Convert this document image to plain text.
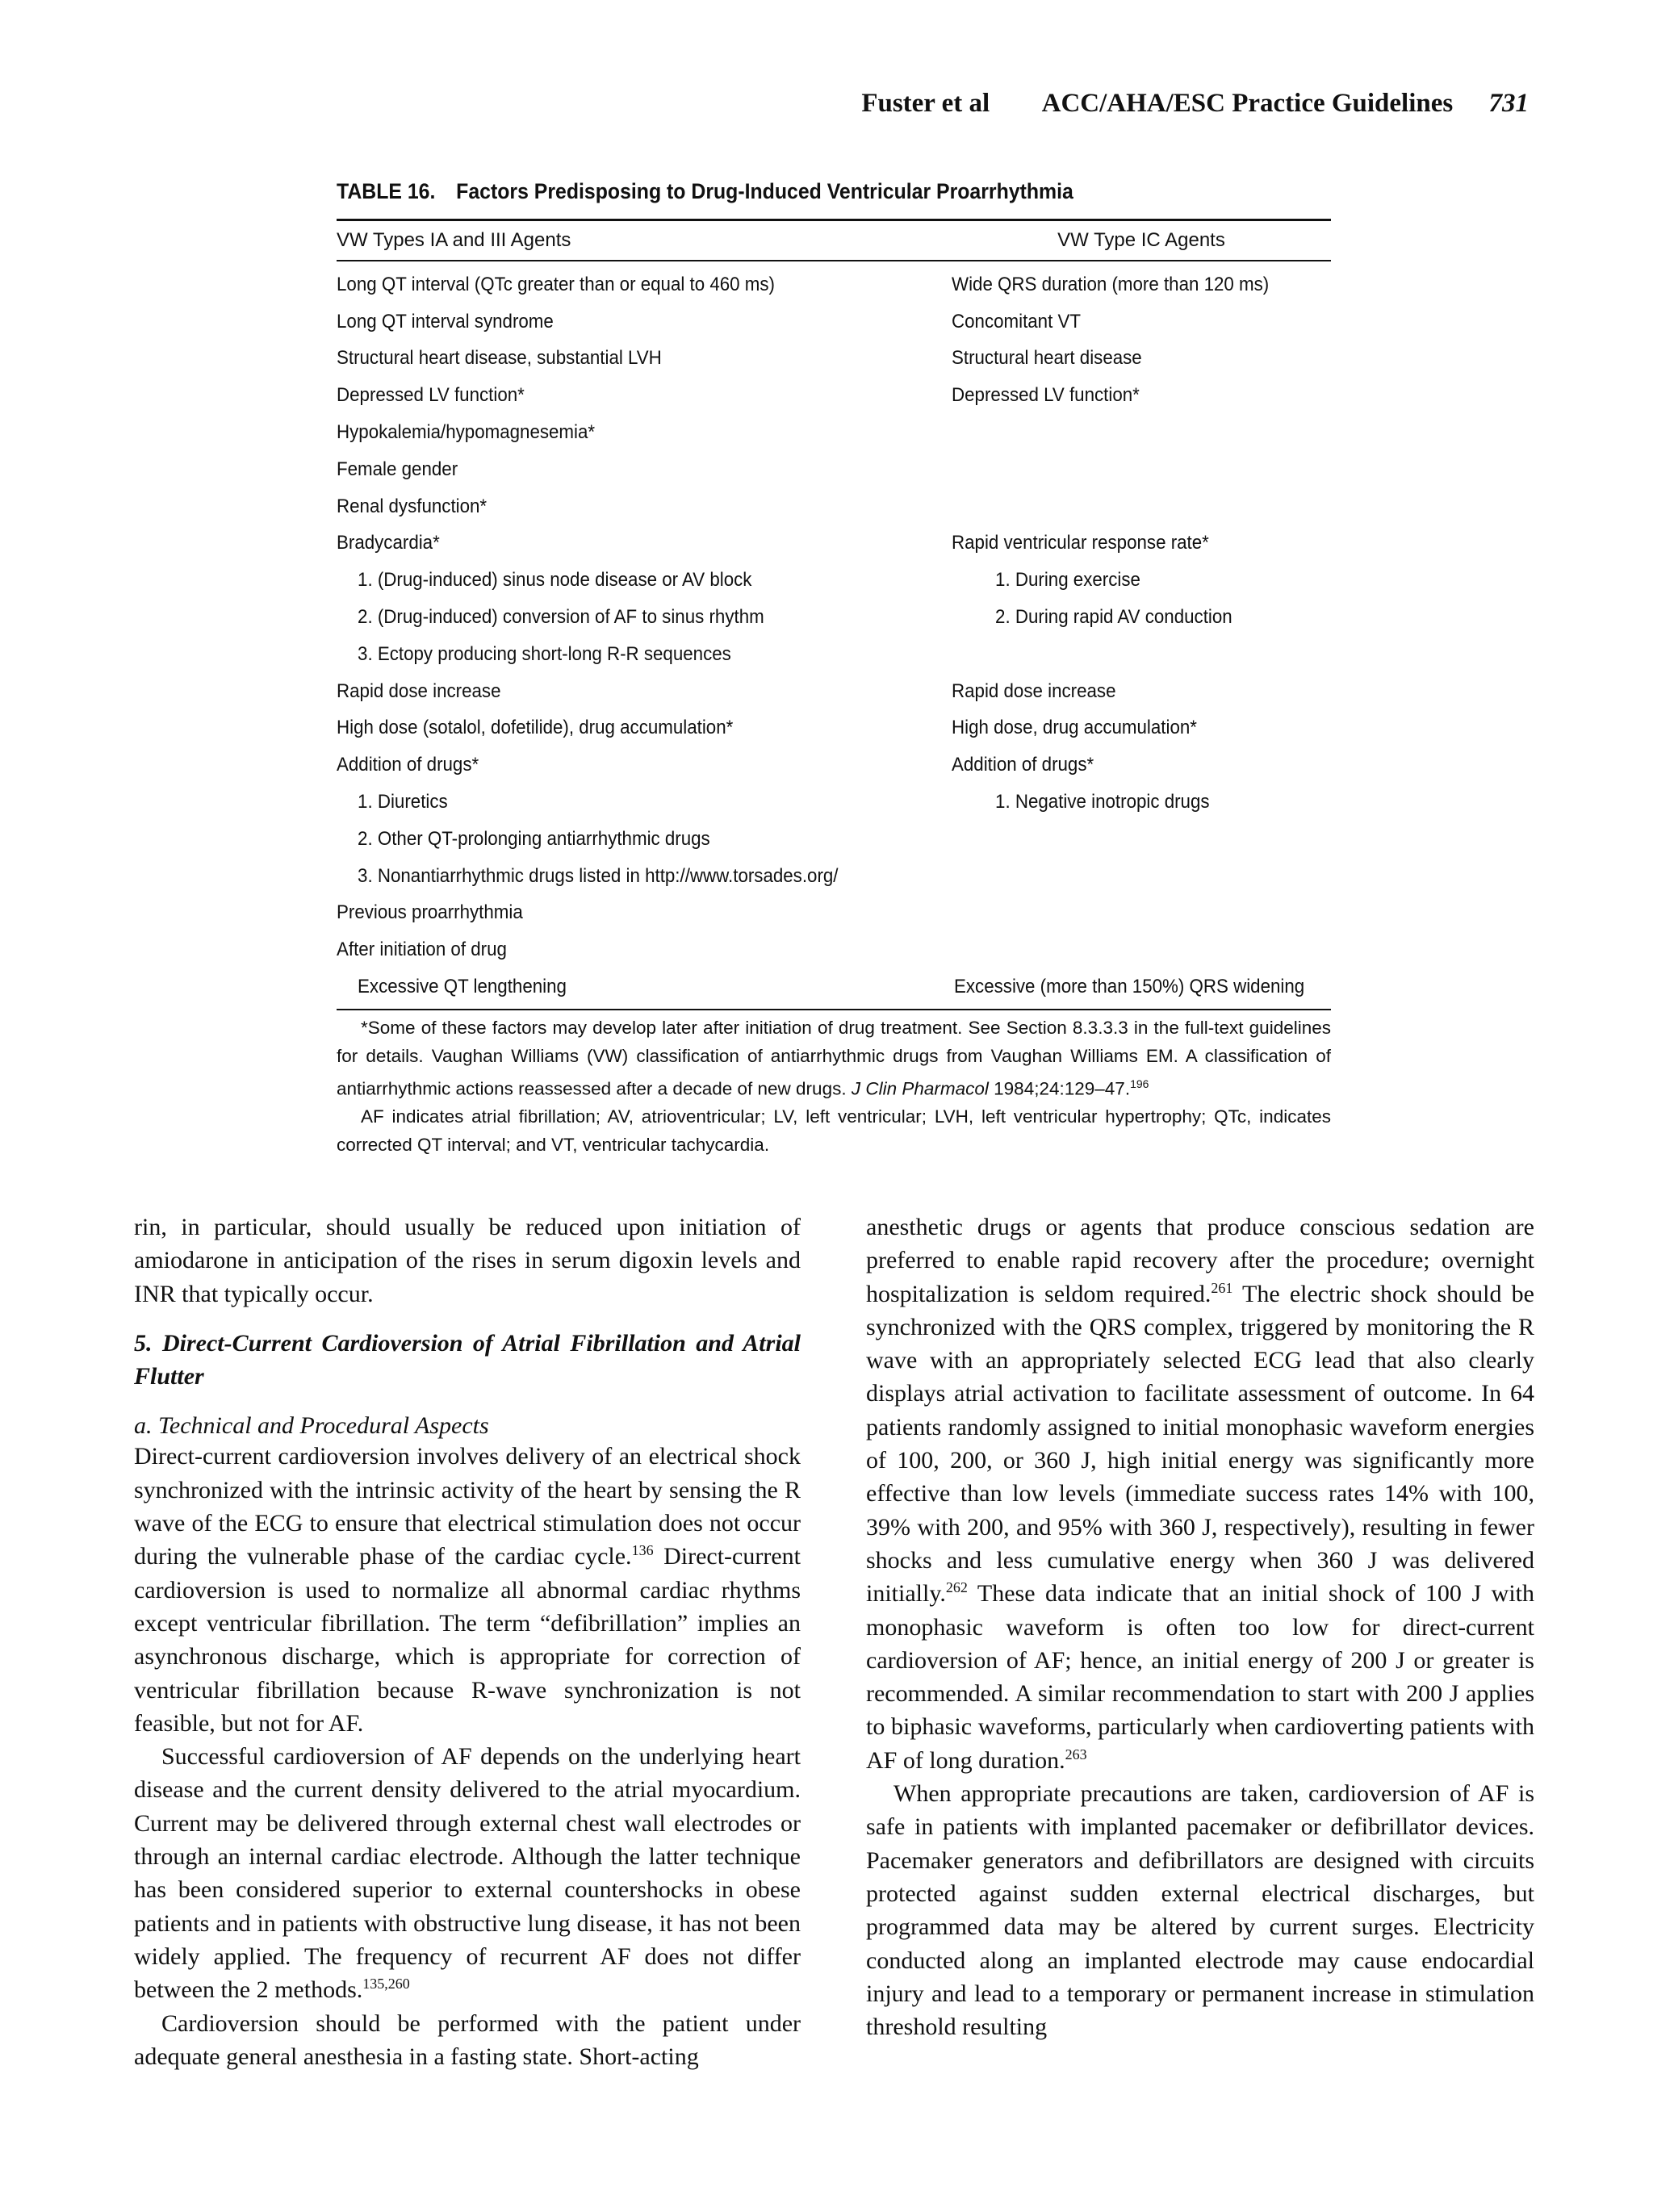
Fuster et al ACC/AHA/ESC Practice Guidelines 731
TABLE 16. Factors Predisposing to Drug-Induced Ventricular Proarrhythmia
VW Types IA and III Agents	VW Type IC Agents
Long QT interval (QTc greater than or equal to 460 ms)	Wide QRS duration (more than 120 ms)
Long QT interval syndrome	Concomitant VT
Structural heart disease, substantial LVH	Structural heart disease
Depressed LV function*	Depressed LV function*
Hypokalemia/hypomagnesemia*
Female gender
Renal dysfunction*
Bradycardia*	Rapid ventricular response rate*
1. (Drug-induced) sinus node disease or AV block	1. During exercise
2. (Drug-induced) conversion of AF to sinus rhythm	2. During rapid AV conduction
3. Ectopy producing short-long R-R sequences
Rapid dose increase	Rapid dose increase
High dose (sotalol, dofetilide), drug accumulation*	High dose, drug accumulation*
Addition of drugs*	Addition of drugs*
1. Diuretics	1. Negative inotropic drugs
2. Other QT-prolonging antiarrhythmic drugs
3. Nonantiarrhythmic drugs listed in http://www.torsades.org/
Previous proarrhythmia
After initiation of drug
Excessive QT lengthening	Excessive (more than 150%) QRS widening

*Some of these factors may develop later after initiation of drug treatment. See Section 8.3.3.3 in the full-text guidelines for details. Vaughan Williams (VW) classification of antiarrhythmic drugs from Vaughan Williams EM. A classification of antiarrhythmic actions reassessed after a decade of new drugs. J Clin Pharmacol 1984;24:129–47.$^{196}$

AF indicates atrial fibrillation; AV, atrioventricular; LV, left ventricular; LVH, left ventricular hypertrophy; QTc, indicates corrected QT interval; and VT, ventricular tachycardia.

rin, in particular, should usually be reduced upon initiation of amiodarone in anticipation of the rises in serum digoxin levels and INR that typically occur.

5. Direct-Current Cardioversion of Atrial Fibrillation and Atrial Flutter

a. Technical and Procedural Aspects

Direct-current cardioversion involves delivery of an electrical shock synchronized with the intrinsic activity of the heart by sensing the R wave of the ECG to ensure that electrical stimulation does not occur during the vulnerable phase of the cardiac cycle.$^{136}$ Direct-current cardioversion is used to normalize all abnormal cardiac rhythms except ventricular fibrillation. The term “defibrillation” implies an asynchronous discharge, which is appropriate for correction of ventricular fibrillation because R-wave synchronization is not feasible, but not for AF.

Successful cardioversion of AF depends on the underlying heart disease and the current density delivered to the atrial myocardium. Current may be delivered through external chest wall electrodes or through an internal cardiac electrode. Although the latter technique has been considered superior to external countershocks in obese patients and in patients with obstructive lung disease, it has not been widely applied. The frequency of recurrent AF does not differ between the 2 methods.$^{135,260}$

Cardioversion should be performed with the patient under adequate general anesthesia in a fasting state. Short-acting

anesthetic drugs or agents that produce conscious sedation are preferred to enable rapid recovery after the procedure; overnight hospitalization is seldom required.$^{261}$ The electric shock should be synchronized with the QRS complex, triggered by monitoring the R wave with an appropriately selected ECG lead that also clearly displays atrial activation to facilitate assessment of outcome. In 64 patients randomly assigned to initial monophasic waveform energies of 100, 200, or 360 J, high initial energy was significantly more effective than low levels (immediate success rates 14% with 100, 39% with 200, and 95% with 360 J, respectively), resulting in fewer shocks and less cumulative energy when 360 J was delivered initially.$^{262}$ These data indicate that an initial shock of 100 J with monophasic waveform is often too low for direct-current cardioversion of AF; hence, an initial energy of 200 J or greater is recommended. A similar recommendation to start with 200 J applies to biphasic waveforms, particularly when cardioverting patients with AF of long duration.$^{263}$

When appropriate precautions are taken, cardioversion of AF is safe in patients with implanted pacemaker or defibrillator devices. Pacemaker generators and defibrillators are designed with circuits protected against sudden external electrical discharges, but programmed data may be altered by current surges. Electricity conducted along an implanted electrode may cause endocardial injury and lead to a temporary or permanent increase in stimulation threshold resulting
